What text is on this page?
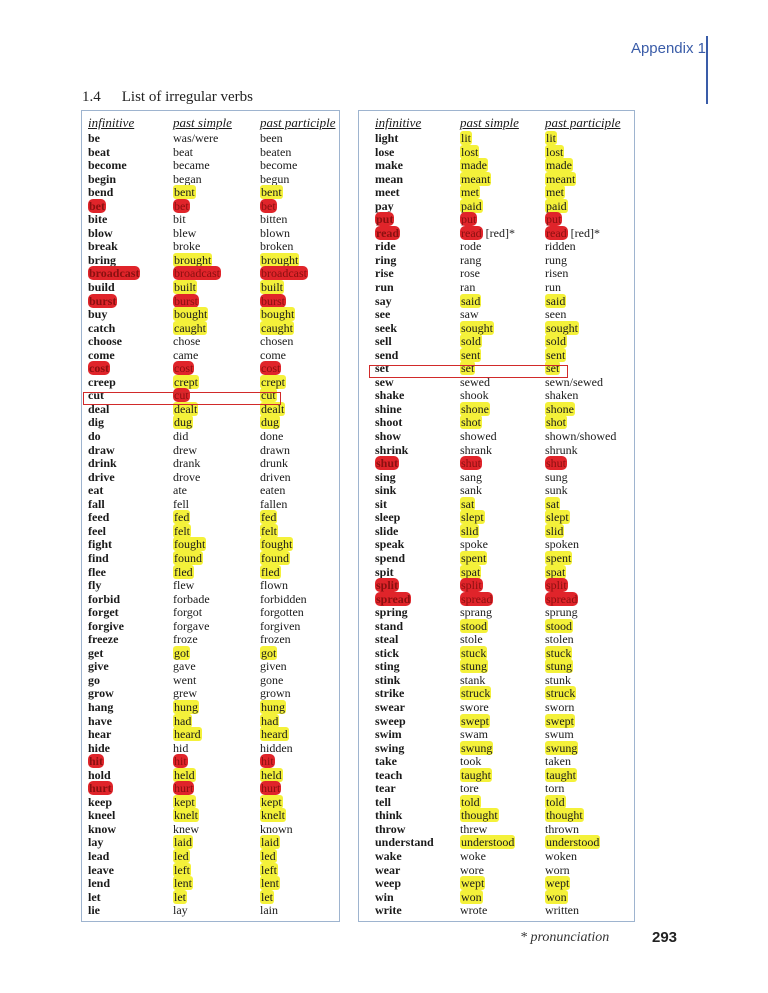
Appendix 1
1.4 List of irregular verbs
infinitive
be
beat
become
begin
bend
bet
bite
blow
break
bring
broadcast
build
burst
buy
catch
choose
come
cost
creep
cut
deal
dig
do
draw
drink
drive
eat
fall
feed
feel
fight
find
flee
fly
forbid
forget
forgive
freeze
get
give
go
grow
hang
have
hear
hide
hit
hold
hurt
keep
kneel
know
lay
lead
leave
lend
let
lie
past simple
was/were
beat
became
began
bent
bet
bit
blew
broke
brought
broadcast
built
burst
bought
caught
chose
came
cost
crept
cut
dealt
dug
did
drew
drank
drove
ate
fell
fed
felt
fought
found
fled
flew
forbade
forgot
forgave
froze
got
gave
went
grew
hung
had
heard
hid
hit
held
hurt
kept
knelt
knew
laid
led
left
lent
let
lay
past participle
been
beaten
become
begun
bent
bet
bitten
blown
broken
brought
broadcast
built
burst
bought
caught
chosen
come
cost
crept
cut
dealt
dug
done
drawn
drunk
driven
eaten
fallen
fed
felt
fought
found
fled
flown
forbidden
forgotten
forgiven
frozen
got
given
gone
grown
hung
had
heard
hidden
hit
held
hurt
kept
knelt
known
laid
led
left
lent
let
lain
infinitive
light
lose
make
mean
meet
pay
put
read
ride
ring
rise
run
say
see
seek
sell
send
set
sew
shake
shine
shoot
show
shrink
shut
sing
sink
sit
sleep
slide
speak
spend
spit
split
spread
spring
stand
steal
stick
sting
stink
strike
swear
sweep
swim
swing
take
teach
tear
tell
think
throw
understand
wake
wear
weep
win
write
past simple
lit
lost
made
meant
met
paid
put
read [red]*
rode
rang
rose
ran
said
saw
sought
sold
sent
set
sewed
shook
shone
shot
showed
shrank
shut
sang
sank
sat
slept
slid
spoke
spent
spat
split
spread
sprang
stood
stole
stuck
stung
stank
struck
swore
swept
swam
swung
took
taught
tore
told
thought
threw
understood
woke
wore
wept
won
wrote
past participle
lit
lost
made
meant
met
paid
put
read [red]*
ridden
rung
risen
run
said
seen
sought
sold
sent
set
sewn/sewed
shaken
shone
shot
shown/showed
shrunk
shut
sung
sunk
sat
slept
slid
spoken
spent
spat
split
spread
sprung
stood
stolen
stuck
stung
stunk
struck
sworn
swept
swum
swung
taken
taught
torn
told
thought
thrown
understood
woken
worn
wept
won
written
* pronunciation	293
